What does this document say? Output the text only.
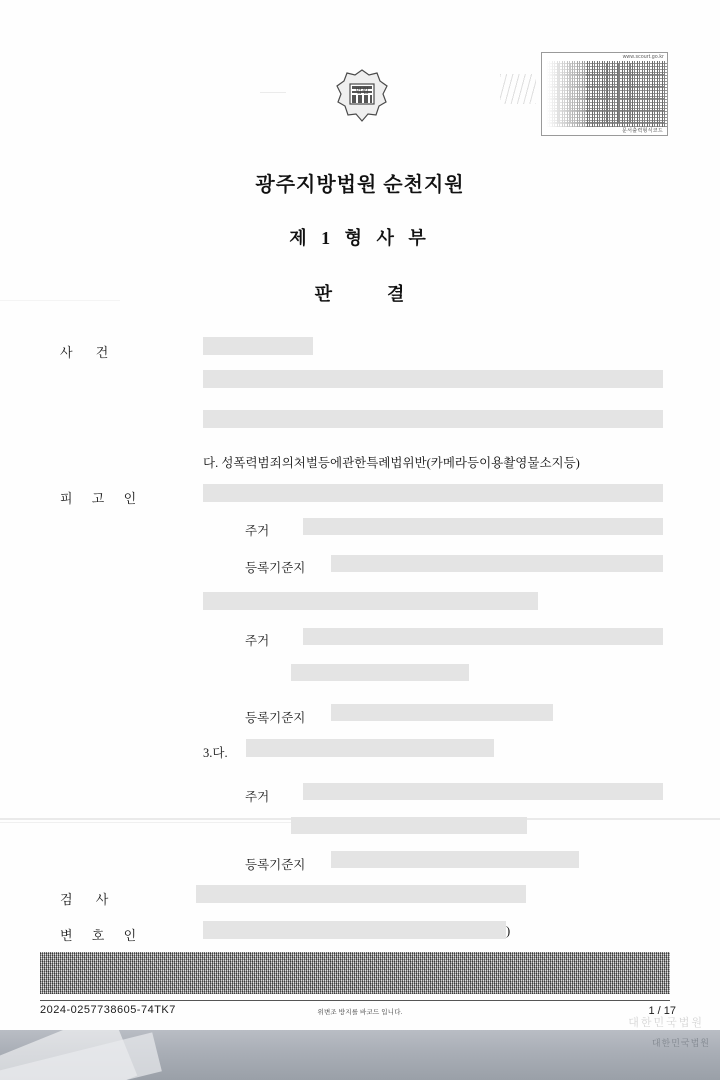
법원
www.scourt.go.kr
문서출력형식코드
광주지방법원 순천지원
제 1 형 사 부
판	결
사 건
다. 성폭력범죄의처벌등에관한특례법위반(카메라등이용촬영물소지등)
피 고 인
주거
등록기준지
주거
등록기준지
3.다.
주거
등록기준지
검 사
변 호 인	)
2024-0257738605-74TK7	위변조 방지를 바코드 입니다.	1 / 17
대한민국법원
대한민국법원
